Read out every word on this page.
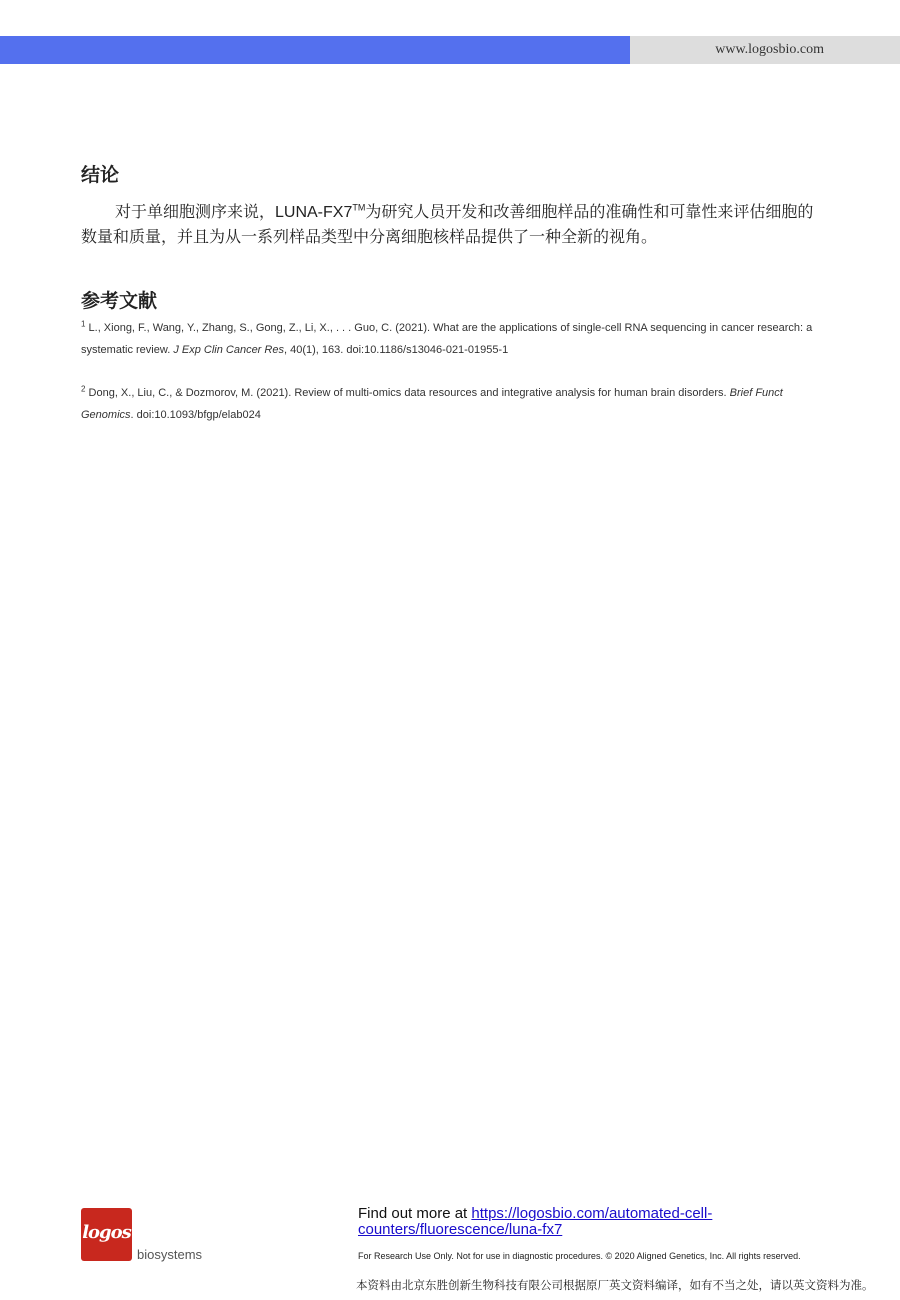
www.logosbio.com
结论

对于单细胞测序来说，LUNA-FX7™为研究人员开发和改善细胞样品的准确性和可靠性来评估细胞的数量和质量，并且为从一系列样品类型中分离细胞核样品提供了一种全新的视角。

参考文献

$^1$ L., Xiong, F., Wang, Y., Zhang, S., Gong, Z., Li, X., . . . Guo, C. (2021). What are the applications of single-cell RNA sequencing in cancer research: a systematic review. J Exp Clin Cancer Res, 40(1), 163. doi:10.1186/s13046-021-01955-1

$^2$ Dong, X., Liu, C., & Dozmorov, M. (2021). Review of multi-omics data resources and integrative analysis for human brain disorders. Brief Funct Genomics. doi:10.1093/bfgp/elab024

logos
biosystems

Find out more at https://logosbio.com/automated-cell-counters/fluorescence/luna-fx7

For Research Use Only. Not for use in diagnostic procedures. © 2020 Aligned Genetics, Inc. All rights reserved.

本资料由北京东胜创新生物科技有限公司根据原厂英文资料编译，如有不当之处，请以英文资料为准。
